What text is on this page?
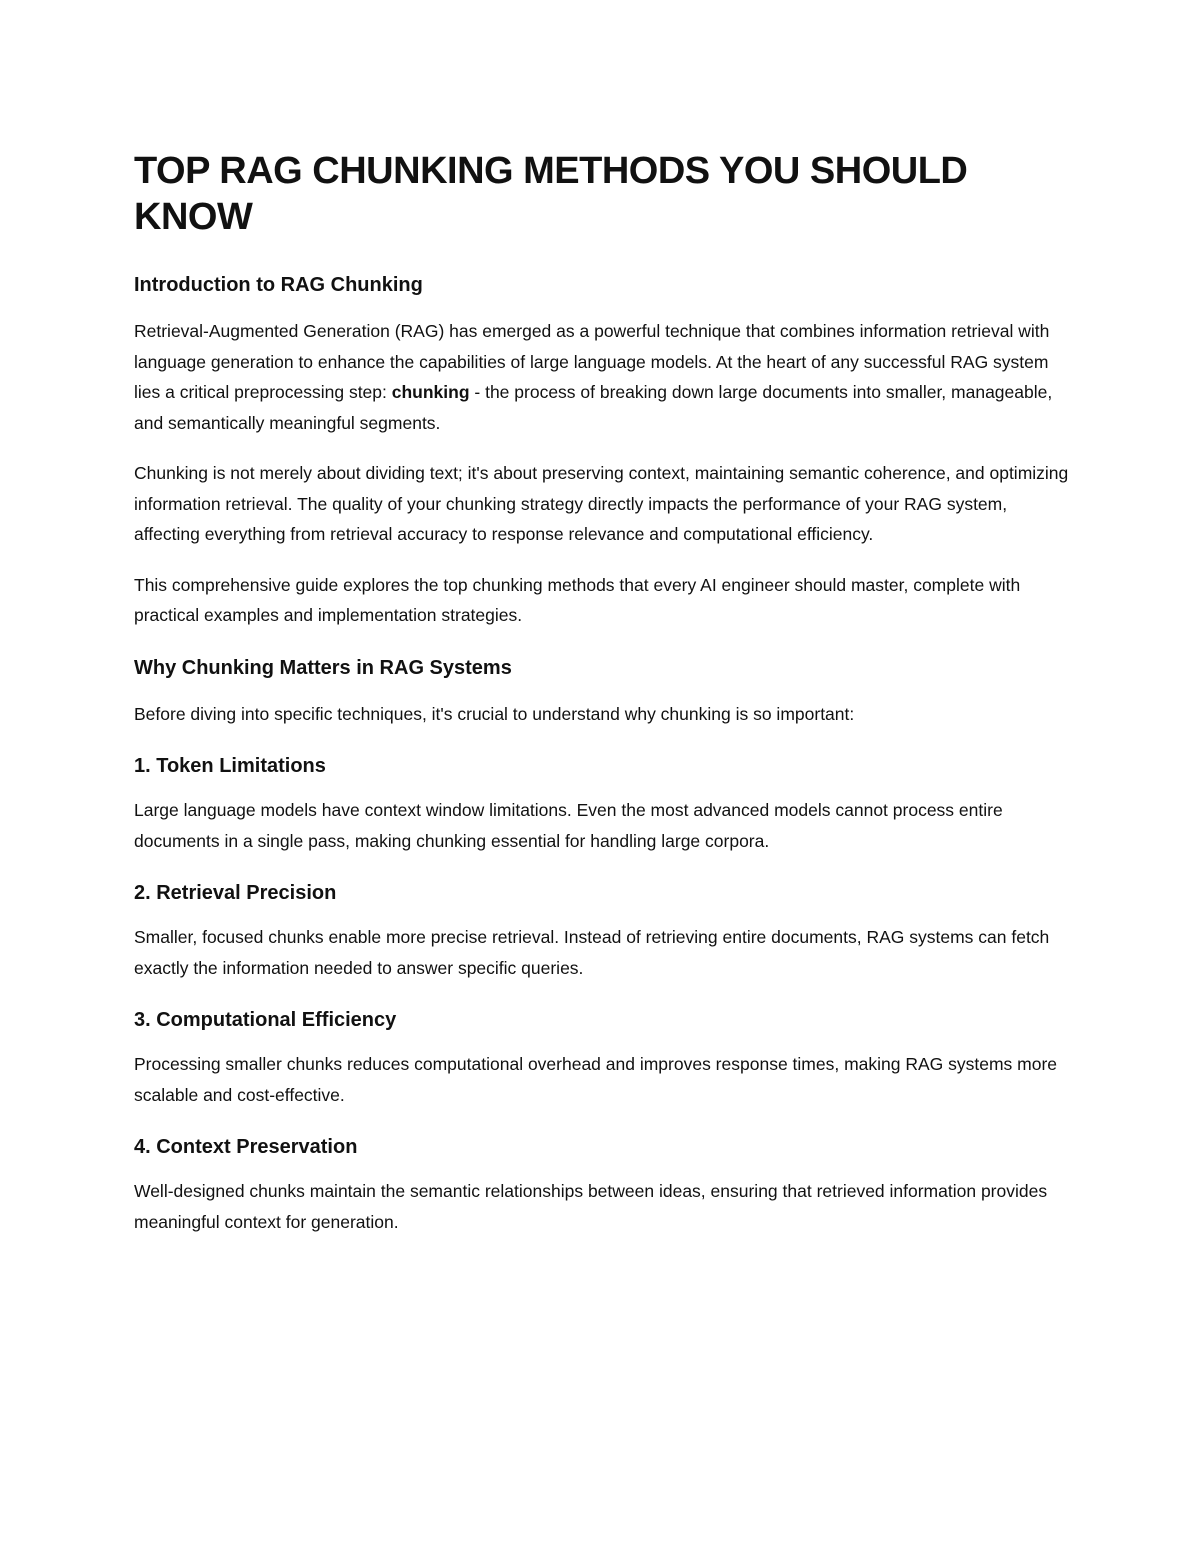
TOP RAG CHUNKING METHODS YOU SHOULD KNOW
Introduction to RAG Chunking

Retrieval-Augmented Generation (RAG) has emerged as a powerful technique that combines information retrieval with language generation to enhance the capabilities of large language models. At the heart of any successful RAG system lies a critical preprocessing step: chunking - the process of breaking down large documents into smaller, manageable, and semantically meaningful segments.

Chunking is not merely about dividing text; it's about preserving context, maintaining semantic coherence, and optimizing information retrieval. The quality of your chunking strategy directly impacts the performance of your RAG system, affecting everything from retrieval accuracy to response relevance and computational efficiency.

This comprehensive guide explores the top chunking methods that every AI engineer should master, complete with practical examples and implementation strategies.

Why Chunking Matters in RAG Systems

Before diving into specific techniques, it's crucial to understand why chunking is so important:

1. Token Limitations

Large language models have context window limitations. Even the most advanced models cannot process entire documents in a single pass, making chunking essential for handling large corpora.

2. Retrieval Precision

Smaller, focused chunks enable more precise retrieval. Instead of retrieving entire documents, RAG systems can fetch exactly the information needed to answer specific queries.

3. Computational Efficiency

Processing smaller chunks reduces computational overhead and improves response times, making RAG systems more scalable and cost-effective.

4. Context Preservation

Well-designed chunks maintain the semantic relationships between ideas, ensuring that retrieved information provides meaningful context for generation.
